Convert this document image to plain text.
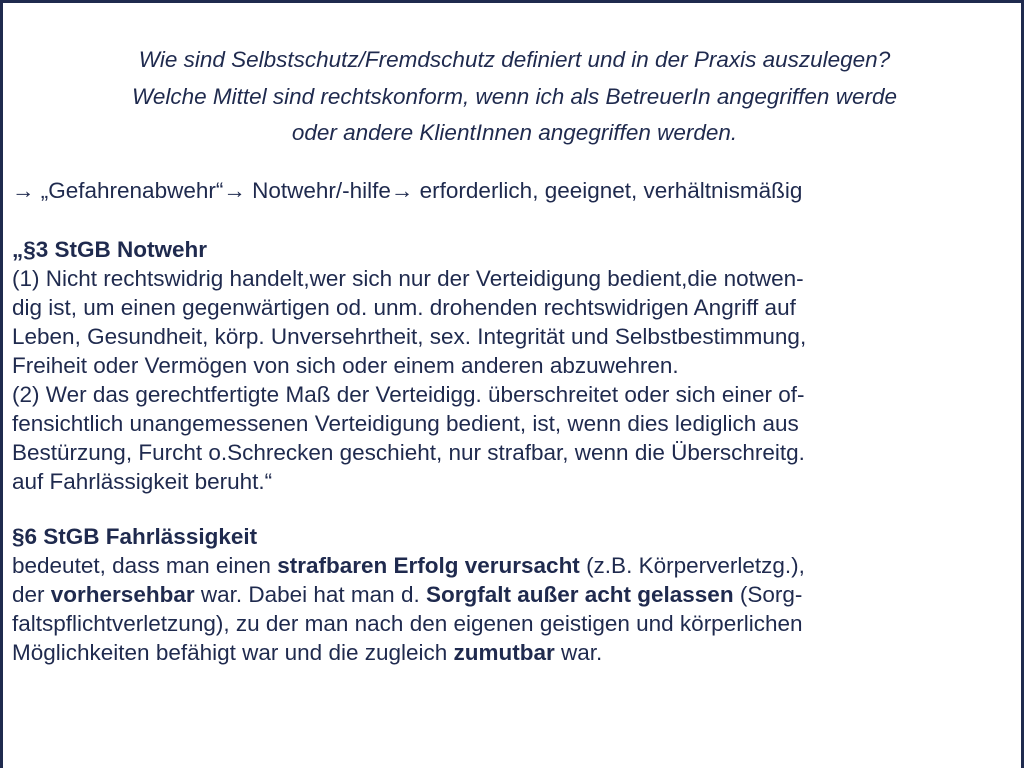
Wie sind Selbstschutz/Fremdschutz definiert und in der Praxis auszulegen?
Welche Mittel sind rechtskonform, wenn ich als BetreuerIn angegriffen werde
oder andere KlientInnen angegriffen werden.

→ „Gefahrenabwehr“→ Notwehr/-hilfe→ erforderlich, geeignet, verhältnismäßig

„§3 StGB Notwehr
(1) Nicht rechtswidrig handelt,wer sich nur der Verteidigung bedient,die notwen-
dig ist, um einen gegenwärtigen od. unm. drohenden rechtswidrigen Angriff auf
Leben, Gesundheit, körp. Unversehrtheit, sex. Integrität und Selbstbestimmung,
Freiheit oder Vermögen von sich oder einem anderen abzuwehren.
(2) Wer das gerechtfertigte Maß der Verteidigg. überschreitet oder sich einer of-
fensichtlich unangemessenen Verteidigung bedient, ist, wenn dies lediglich aus
Bestürzung, Furcht o.Schrecken geschieht, nur strafbar, wenn die Überschreitg.
auf Fahrlässigkeit beruht.“
§6 StGB Fahrlässigkeit
bedeutet, dass man einen strafbaren Erfolg verursacht (z.B. Körperverletzg.),
der vorhersehbar war. Dabei hat man d. Sorgfalt außer acht gelassen (Sorg-
faltspflichtverletzung), zu der man nach den eigenen geistigen und körperlichen
Möglichkeiten befähigt war und die zugleich zumutbar war.
